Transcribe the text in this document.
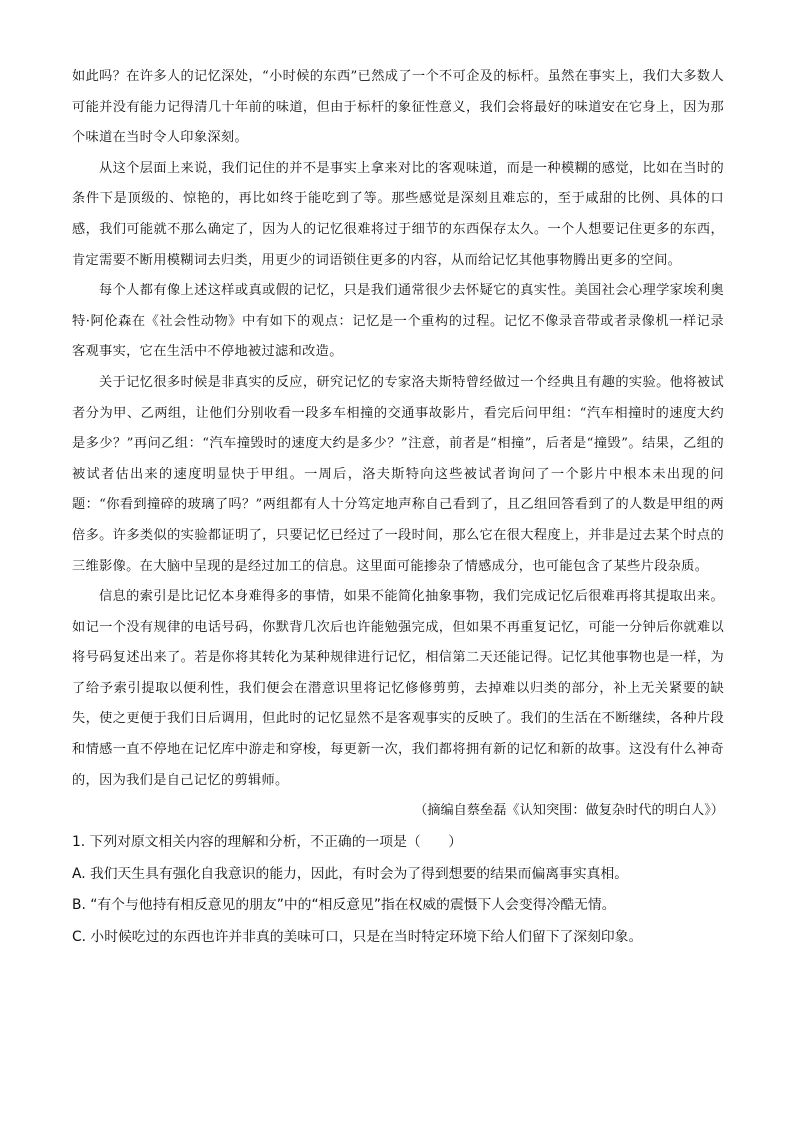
如此吗？在许多人的记忆深处，“小时候的东西”已然成了一个不可企及的标杆。虽然在事实上，我们大多数人可能并没有能力记得清几十年前的味道，但由于标杆的象征性意义，我们会将最好的味道安在它身上，因为那个味道在当时令人印象深刻。

从这个层面上来说，我们记住的并不是事实上拿来对比的客观味道，而是一种模糊的感觉，比如在当时的条件下是顶级的、惊艳的，再比如终于能吃到了等。那些感觉是深刻且难忘的，至于咸甜的比例、具体的口感，我们可能就不那么确定了，因为人的记忆很难将过于细节的东西保存太久。一个人想要记住更多的东西，肯定需要不断用模糊词去归类，用更少的词语锁住更多的内容，从而给记忆其他事物腾出更多的空间。

每个人都有像上述这样或真或假的记忆，只是我们通常很少去怀疑它的真实性。美国社会心理学家埃利奥特·阿伦森在《社会性动物》中有如下的观点：记忆是一个重构的过程。记忆不像录音带或者录像机一样记录客观事实，它在生活中不停地被过滤和改造。

关于记忆很多时候是非真实的反应，研究记忆的专家洛夫斯特曾经做过一个经典且有趣的实验。他将被试者分为甲、乙两组，让他们分别收看一段多车相撞的交通事故影片，看完后问甲组：“汽车相撞时的速度大约是多少？”再问乙组：“汽车撞毁时的速度大约是多少？”注意，前者是“相撞”，后者是“撞毁”。结果，乙组的被试者估出来的速度明显快于甲组。一周后，洛夫斯特向这些被试者询问了一个影片中根本未出现的问题：“你看到撞碎的玻璃了吗？”两组都有人十分笃定地声称自己看到了，且乙组回答看到了的人数是甲组的两倍多。许多类似的实验都证明了，只要记忆已经过了一段时间，那么它在很大程度上，并非是过去某个时点的三维影像。在大脑中呈现的是经过加工的信息。这里面可能掺杂了情感成分，也可能包含了某些片段杂质。

信息的索引是比记忆本身难得多的事情，如果不能简化抽象事物，我们完成记忆后很难再将其提取出来。如记一个没有规律的电话号码，你默背几次后也许能勉强完成，但如果不再重复记忆，可能一分钟后你就难以将号码复述出来了。若是你将其转化为某种规律进行记忆，相信第二天还能记得。记忆其他事物也是一样，为了给予索引提取以便利性，我们便会在潜意识里将记忆修修剪剪，去掉难以归类的部分，补上无关紧要的缺失，使之更便于我们日后调用，但此时的记忆显然不是客观事实的反映了。我们的生活在不断继续，各种片段和情感一直不停地在记忆库中游走和穿梭，每更新一次，我们都将拥有新的记忆和新的故事。这没有什么神奇的，因为我们是自己记忆的剪辑师。

（摘编自蔡垒磊《认知突围：做复杂时代的明白人》）

1. 下列对原文相关内容的理解和分析，不正确的一项是（　　）

A. 我们天生具有强化自我意识的能力，因此，有时会为了得到想要的结果而偏离事实真相。

B. “有个与他持有相反意见的朋友”中的“相反意见”指在权威的震慑下人会变得冷酷无情。

C. 小时候吃过的东西也许并非真的美味可口，只是在当时特定环境下给人们留下了深刻印象。
